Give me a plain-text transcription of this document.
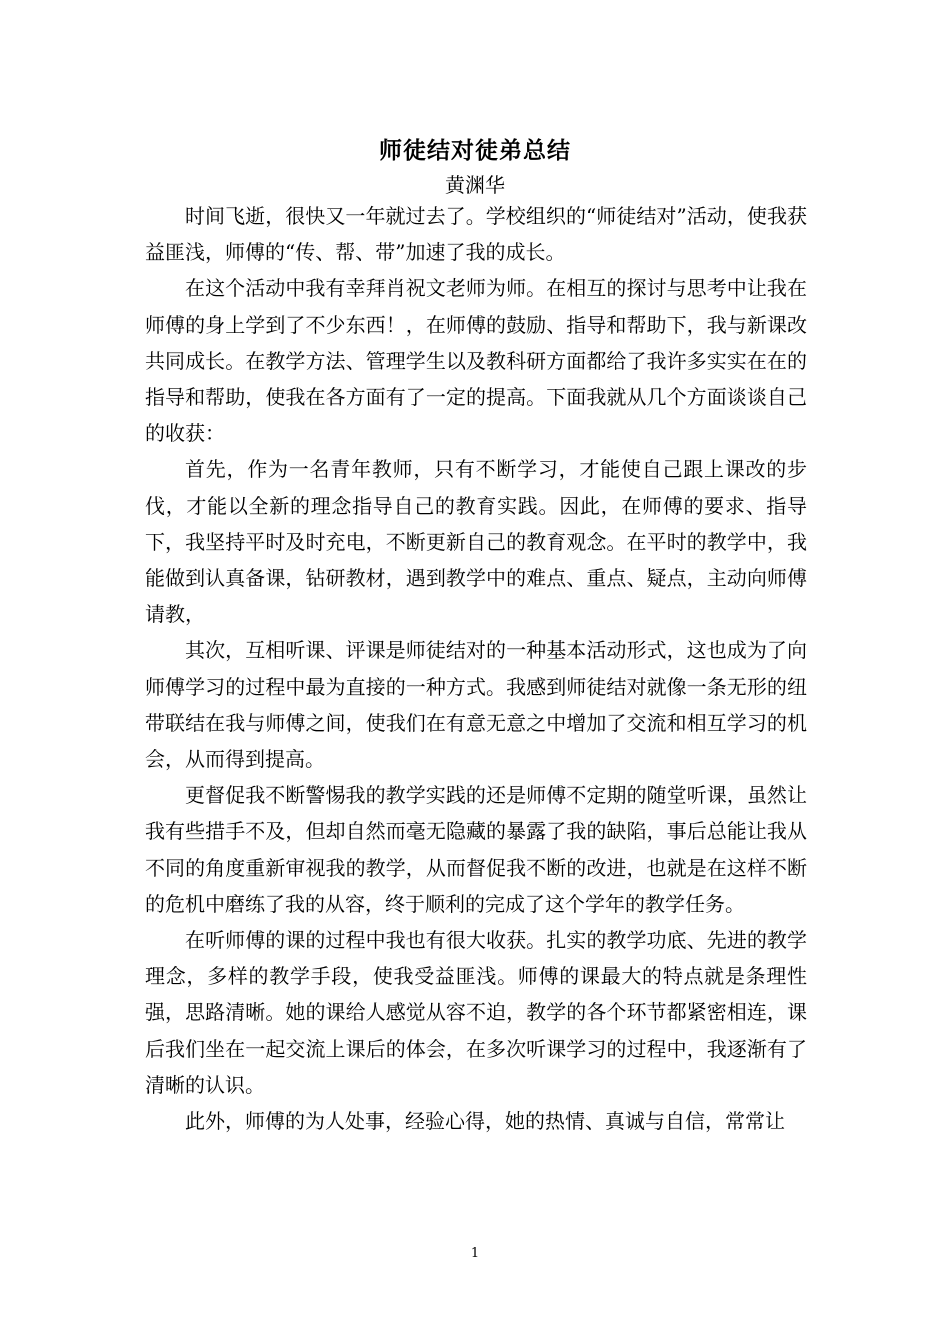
师徒结对徒弟总结

黄渊华

时间飞逝，很快又一年就过去了。学校组织的“师徒结对”活动，使我获益匪浅，师傅的“传、帮、带”加速了我的成长。

在这个活动中我有幸拜肖祝文老师为师。在相互的探讨与思考中让我在师傅的身上学到了不少东西！，在师傅的鼓励、指导和帮助下，我与新课改共同成长。在教学方法、管理学生以及教科研方面都给了我许多实实在在的指导和帮助，使我在各方面有了一定的提高。下面我就从几个方面谈谈自己的收获：

首先，作为一名青年教师，只有不断学习，才能使自己跟上课改的步伐，才能以全新的理念指导自己的教育实践。因此，在师傅的要求、指导下，我坚持平时及时充电，不断更新自己的教育观念。在平时的教学中，我能做到认真备课，钻研教材，遇到教学中的难点、重点、疑点，主动向师傅请教，

其次，互相听课、评课是师徒结对的一种基本活动形式，这也成为了向师傅学习的过程中最为直接的一种方式。我感到师徒结对就像一条无形的纽带联结在我与师傅之间，使我们在有意无意之中增加了交流和相互学习的机会，从而得到提高。

更督促我不断警惕我的教学实践的还是师傅不定期的随堂听课，虽然让我有些措手不及，但却自然而毫无隐藏的暴露了我的缺陷，事后总能让我从不同的角度重新审视我的教学，从而督促我不断的改进，也就是在这样不断的危机中磨练了我的从容，终于顺利的完成了这个学年的教学任务。

在听师傅的课的过程中我也有很大收获。扎实的教学功底、先进的教学理念，多样的教学手段，使我受益匪浅。师傅的课最大的特点就是条理性强，思路清晰。她的课给人感觉从容不迫，教学的各个环节都紧密相连，课后我们坐在一起交流上课后的体会，在多次听课学习的过程中，我逐渐有了清晰的认识。

此外，师傅的为人处事，经验心得，她的热情、真诚与自信，常常让

1
